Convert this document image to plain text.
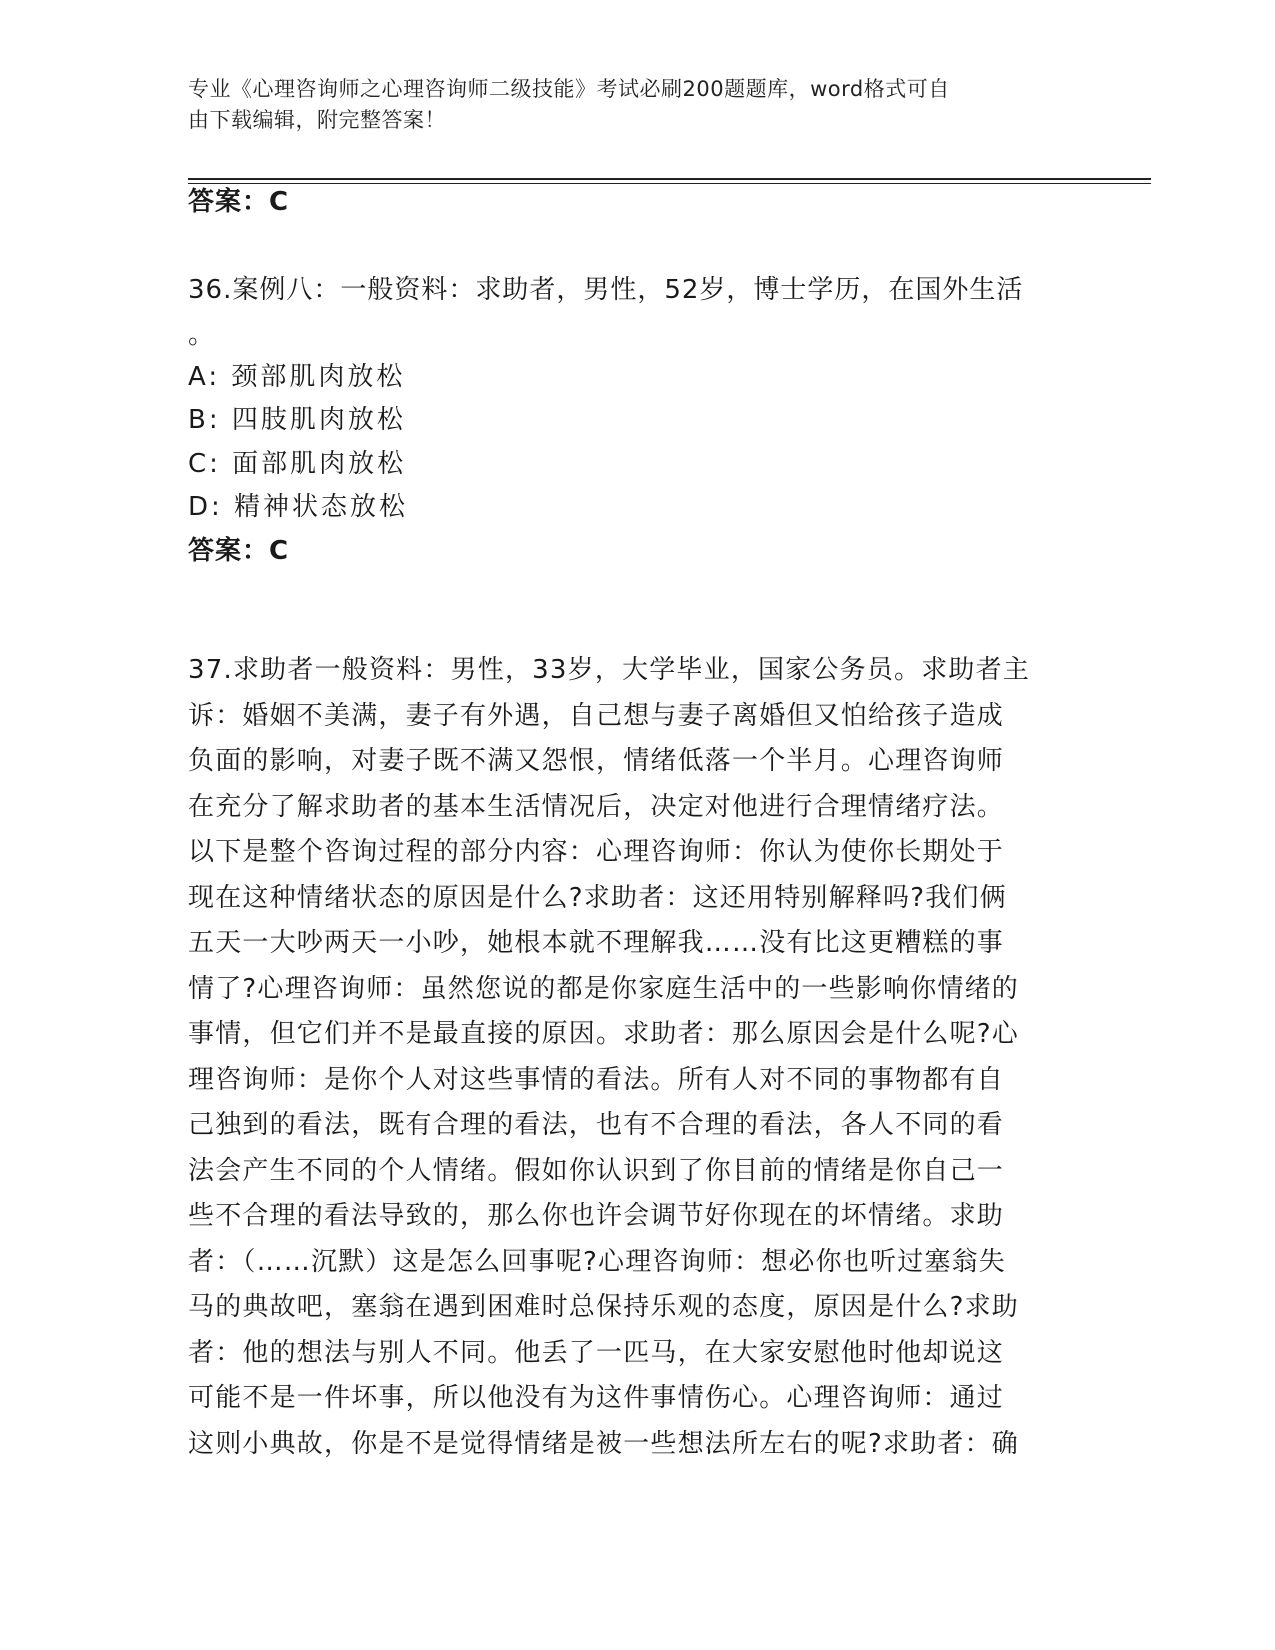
专业《心理咨询师之心理咨询师二级技能》考试必刷200题题库，word格式可自
由下载编辑，附完整答案！
答案：C
36.案例八：一般资料：求助者，男性，52岁，博士学历，在国外生活
。
A: 颈部肌肉放松
B: 四肢肌肉放松
C: 面部肌肉放松
D: 精神状态放松
答案：C
37.求助者一般资料：男性，33岁，大学毕业，国家公务员。求助者主
诉：婚姻不美满，妻子有外遇，自己想与妻子离婚但又怕给孩子造成
负面的影响，对妻子既不满又怨恨，情绪低落一个半月。心理咨询师
在充分了解求助者的基本生活情况后，决定对他进行合理情绪疗法。
以下是整个咨询过程的部分内容：心理咨询师：你认为使你长期处于
现在这种情绪状态的原因是什么?求助者：这还用特别解释吗?我们俩
五天一大吵两天一小吵，她根本就不理解我……没有比这更糟糕的事
情了?心理咨询师：虽然您说的都是你家庭生活中的一些影响你情绪的
事情，但它们并不是最直接的原因。求助者：那么原因会是什么呢?心
理咨询师：是你个人对这些事情的看法。所有人对不同的事物都有自
己独到的看法，既有合理的看法，也有不合理的看法，各人不同的看
法会产生不同的个人情绪。假如你认识到了你目前的情绪是你自己一
些不合理的看法导致的，那么你也许会调节好你现在的坏情绪。求助
者：（……沉默）这是怎么回事呢?心理咨询师：想必你也听过塞翁失
马的典故吧，塞翁在遇到困难时总保持乐观的态度，原因是什么?求助
者：他的想法与别人不同。他丢了一匹马，在大家安慰他时他却说这
可能不是一件坏事，所以他没有为这件事情伤心。心理咨询师：通过
这则小典故，你是不是觉得情绪是被一些想法所左右的呢?求助者：确
